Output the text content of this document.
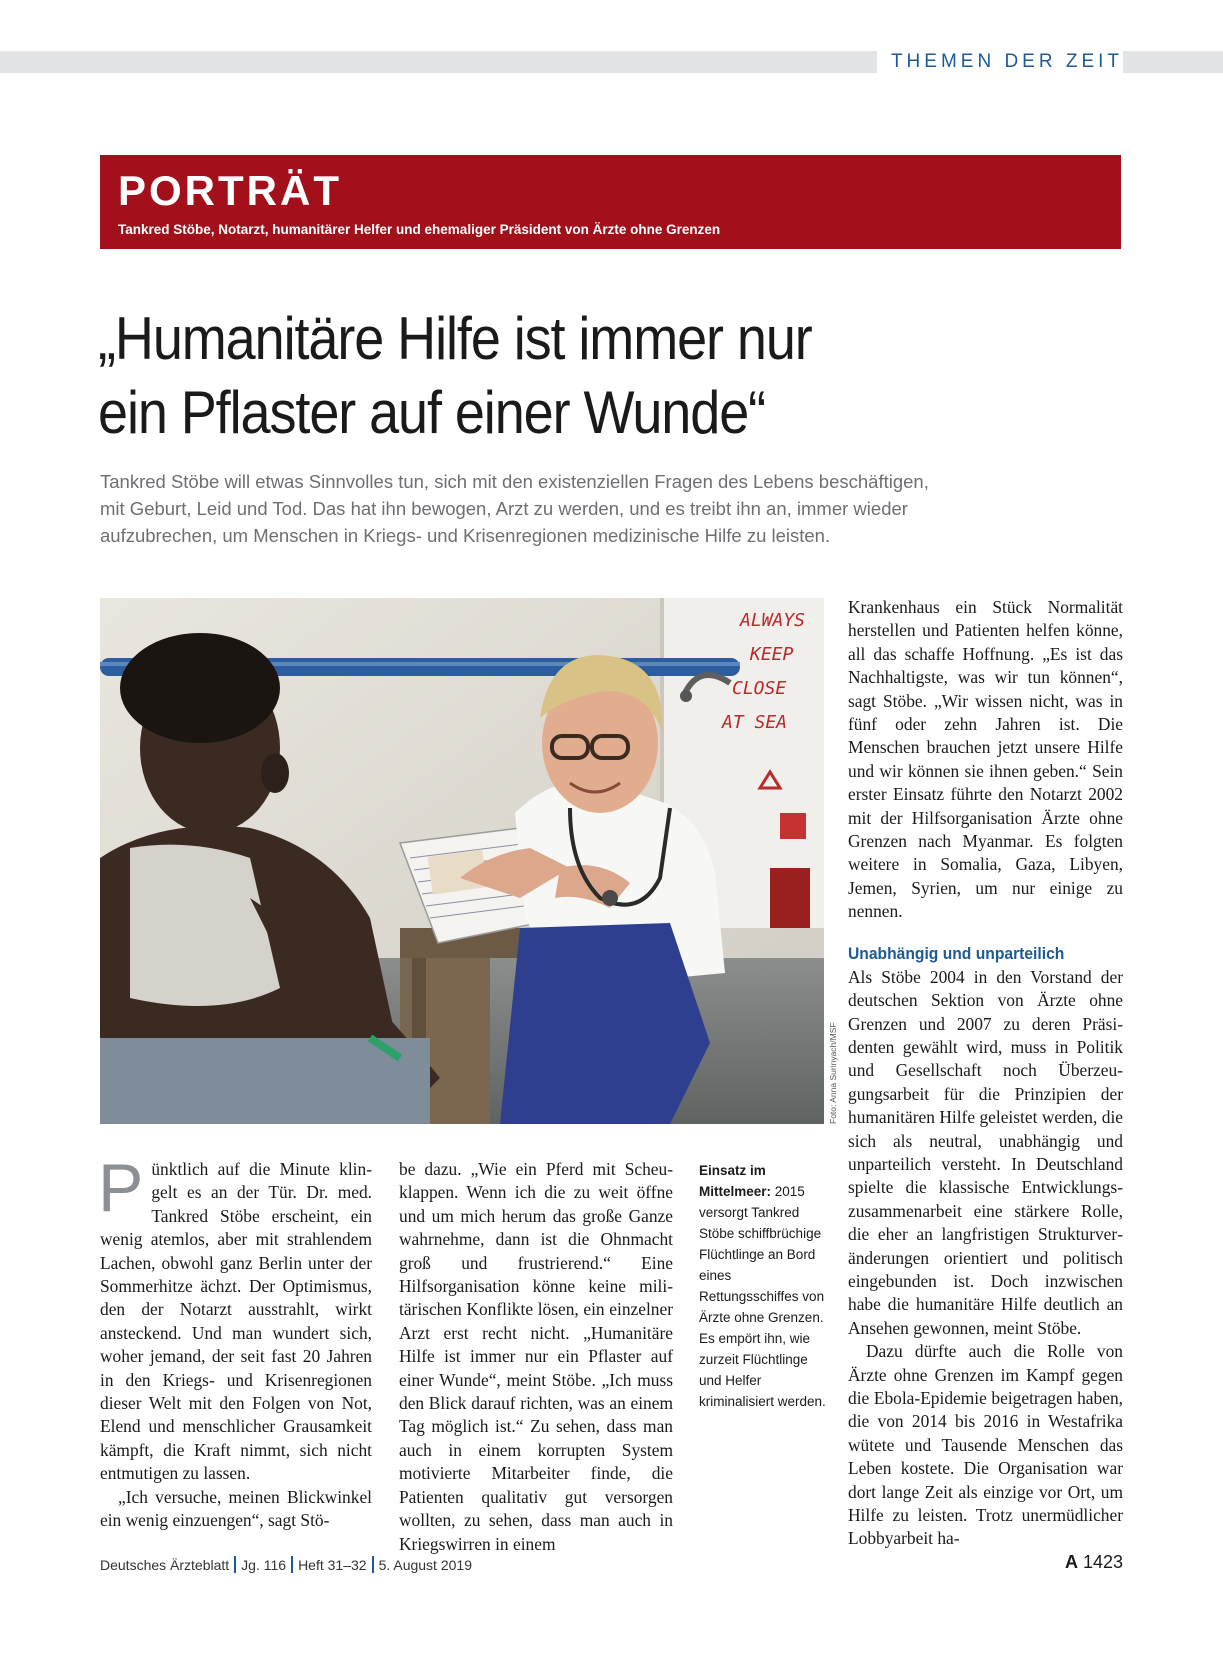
THEMEN DER ZEIT
PORTRÄT
Tankred Stöbe, Notarzt, humanitärer Helfer und ehemaliger Präsident von Ärzte ohne Grenzen
„Humanitäre Hilfe ist immer nur
ein Pflaster auf einer Wunde“
Tankred Stöbe will etwas Sinnvolles tun, sich mit den existenziellen Fragen des Lebens beschäftigen,
mit Geburt, Leid und Tod. Das hat ihn bewogen, Arzt zu werden, und es treibt ihn an, immer wieder
aufzubrechen, um Menschen in Kriegs- und Krisenregionen medizinische Hilfe zu leisten.
ALWAYS
KEEP
CLOSE
AT SEA
Foto: Anna Surinyach/MSF
Einsatz im Mittelmeer: 2015 versorgt Tankred Stöbe schiffbrüchige Flüchtlinge an Bord eines Rettungsschiffes von Ärzte ohne Grenzen. Es empört ihn, wie zurzeit Flüchtlinge und Helfer kriminalisiert werden.

Pünktlich auf die Minute klingelt es an der Tür. Dr. med. Tankred Stöbe erscheint, ein wenig atemlos, aber mit strahlendem Lachen, obwohl ganz Berlin unter der Sommerhitze ächzt. Der Optimismus, den der Notarzt ausstrahlt, wirkt ansteckend. Und man wundert sich, woher jemand, der seit fast 20 Jahren in den Kriegs- und Krisenregionen dieser Welt mit den Folgen von Not, Elend und menschlicher Grausamkeit kämpft, die Kraft nimmt, sich nicht entmutigen zu lassen.

„Ich versuche, meinen Blickwinkel ein wenig einzuengen“, sagt Stö-

be dazu. „Wie ein Pferd mit Scheuklappen. Wenn ich die zu weit öffne und um mich herum das große Ganze wahrnehme, dann ist die Ohnmacht groß und frustrierend.“ Eine Hilfsorganisation könne keine militärischen Konflikte lösen, ein einzelner Arzt erst recht nicht. „Humanitäre Hilfe ist immer nur ein Pflaster auf einer Wunde“, meint Stöbe. „Ich muss den Blick darauf richten, was an einem Tag möglich ist.“ Zu sehen, dass man auch in einem korrupten System motivierte Mitarbeiter finde, die Patienten qualitativ gut versorgen wollten, zu sehen, dass man auch in Kriegswirren in einem

Krankenhaus ein Stück Normalität herstellen und Patienten helfen könne, all das schaffe Hoffnung. „Es ist das Nachhaltigste, was wir tun können“, sagt Stöbe. „Wir wissen nicht, was in fünf oder zehn Jahren ist. Die Menschen brauchen jetzt unsere Hilfe und wir können sie ihnen geben.“ Sein erster Einsatz führte den Notarzt 2002 mit der Hilfsorganisation Ärzte ohne Grenzen nach Myanmar. Es folgten weitere in Somalia, Gaza, Libyen, Jemen, Syrien, um nur einige zu nennen.

Unabhängig und unparteilich

Als Stöbe 2004 in den Vorstand der deutschen Sektion von Ärzte ohne Grenzen und 2007 zu deren Präsidenten gewählt wird, muss in Politik und Gesellschaft noch Überzeugungsarbeit für die Prinzipien der humanitären Hilfe geleistet werden, die sich als neutral, unabhängig und unparteilich versteht. In Deutschland spielte die klassische Entwicklungszusammenarbeit eine stärkere Rolle, die eher an langfristigen Strukturveränderungen orientiert und politisch eingebunden ist. Doch inzwischen habe die humanitäre Hilfe deutlich an Ansehen gewonnen, meint Stöbe.

Dazu dürfte auch die Rolle von Ärzte ohne Grenzen im Kampf gegen die Ebola-Epidemie beigetragen haben, die von 2014 bis 2016 in Westafrika wütete und Tausende Menschen das Leben kostete. Die Organisation war dort lange Zeit als einzige vor Ort, um Hilfe zu leisten. Trotz unermüdlicher Lobbyarbeit ha-

Deutsches Ärzteblatt Jg. 116 Heft 31–32 5. August 2019	A 1423
